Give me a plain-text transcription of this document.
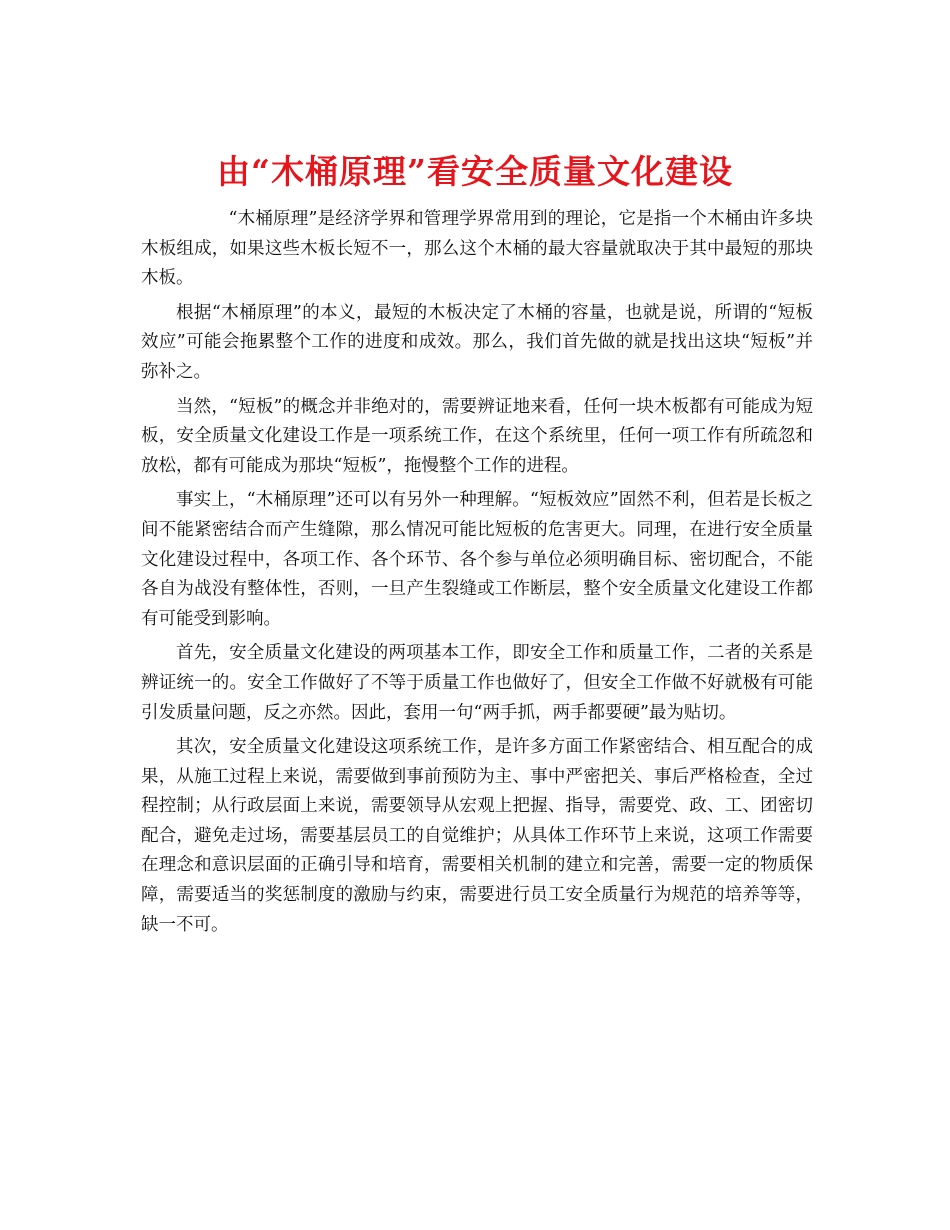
由“木桶原理”看安全质量文化建设

“木桶原理”是经济学界和管理学界常用到的理论，它是指一个木桶由许多块木板组成，如果这些木板长短不一，那么这个木桶的最大容量就取决于其中最短的那块木板。

根据“木桶原理”的本义，最短的木板决定了木桶的容量，也就是说，所谓的“短板效应”可能会拖累整个工作的进度和成效。那么，我们首先做的就是找出这块“短板”并弥补之。

当然，“短板”的概念并非绝对的，需要辨证地来看，任何一块木板都有可能成为短板，安全质量文化建设工作是一项系统工作，在这个系统里，任何一项工作有所疏忽和放松，都有可能成为那块“短板”，拖慢整个工作的进程。

事实上，“木桶原理”还可以有另外一种理解。“短板效应”固然不利，但若是长板之间不能紧密结合而产生缝隙，那么情况可能比短板的危害更大。同理，在进行安全质量文化建设过程中，各项工作、各个环节、各个参与单位必须明确目标、密切配合，不能各自为战没有整体性，否则，一旦产生裂缝或工作断层，整个安全质量文化建设工作都有可能受到影响。

首先，安全质量文化建设的两项基本工作，即安全工作和质量工作，二者的关系是辨证统一的。安全工作做好了不等于质量工作也做好了，但安全工作做不好就极有可能引发质量问题，反之亦然。因此，套用一句“两手抓，两手都要硬”最为贴切。

其次，安全质量文化建设这项系统工作，是许多方面工作紧密结合、相互配合的成果，从施工过程上来说，需要做到事前预防为主、事中严密把关、事后严格检查，全过程控制；从行政层面上来说，需要领导从宏观上把握、指导，需要党、政、工、团密切配合，避免走过场，需要基层员工的自觉维护；从具体工作环节上来说，这项工作需要在理念和意识层面的正确引导和培育，需要相关机制的建立和完善，需要一定的物质保障，需要适当的奖惩制度的激励与约束，需要进行员工安全质量行为规范的培养等等，缺一不可。
